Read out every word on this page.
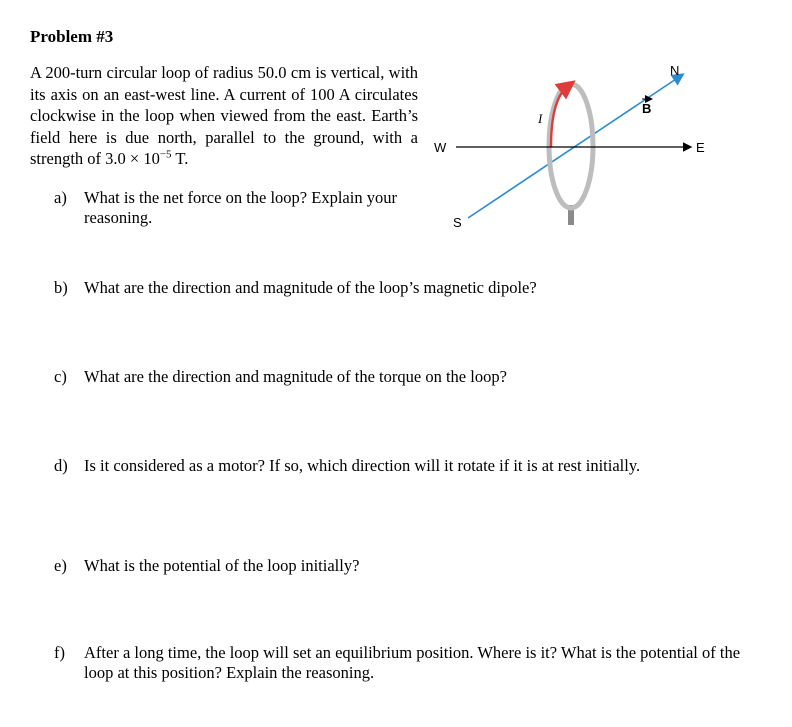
Problem #3
A 200-turn circular loop of radius 50.0 cm is vertical, with its axis on an east-west line. A current of 100 A circulates clockwise in the loop when viewed from the east. Earth’s field here is due north, parallel to the ground, with a strength of $3.0 \times 10^{-5}$ T.
W	E
N
S
B
I
a)	What is the net force on the loop? Explain your reasoning.
b) What are the direction and magnitude of the loop’s magnetic dipole?
c)	What are the direction and magnitude of the torque on the loop?
d) Is it considered as a motor? If so, which direction will it rotate if it is at rest initially.
e)	What is the potential of the loop initially?
f)	After a long time, the loop will set an equilibrium position. Where is it? What is the potential of the loop at this position? Explain the reasoning.
